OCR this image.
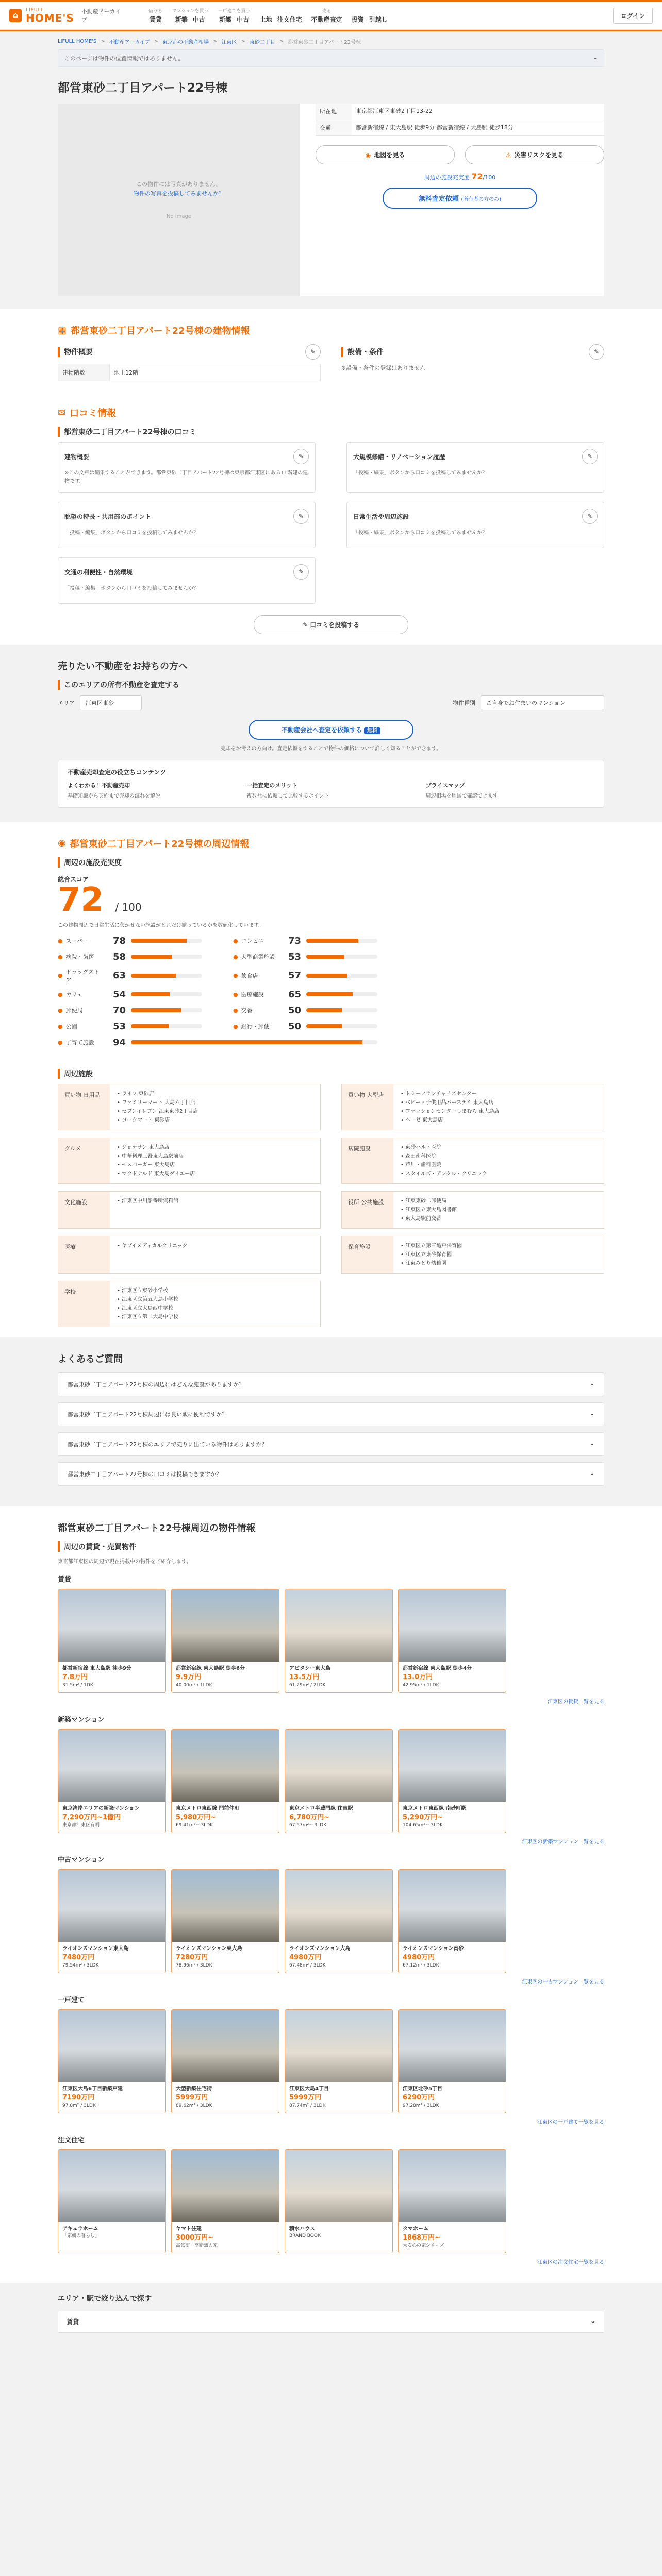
⌂
LIFULL
HOME'S 不動産アーカイブ
借りる
賃貸
マンションを買う
新築 中古
一戸建てを買う
新築 中古 土地 注文住宅
売る
不動産査定 投資 引越し
ログイン
LIFULL HOME'S > 不動産アーカイブ > 東京都の不動産相場 > 江東区 > 東砂二丁目 > 都営東砂二丁目アパート22号棟
このページは物件の位置情報ではありません。	⌄
都営東砂二丁目アパート22号棟
この物件には写真がありません。
物件の写真を投稿してみませんか？
No image
所在地	東京都江東区東砂2丁目13-22
交通	都営新宿線 / 東大島駅 徒歩9分 都営新宿線 / 大島駅 徒歩18分
◉ 地図を見る	⚠ 災害リスクを見る
周辺の施設充実度 72/100
無料査定依頼 (所有者の方のみ)
▦ 都営東砂二丁目アパート22号棟の建物情報
物件概要	✎
建物階数	地上12階
設備・条件	✎
※設備・条件の登録はありません
✉ 口コミ情報
都営東砂二丁目アパート22号棟の口コミ
建物概要	✎

※この文章は編集することができます。都営東砂二丁目アパート22号棟は東京都江東区にある11階建の建物です。

大規模修繕・リノベーション履歴	✎

「投稿・編集」ボタンから口コミを投稿してみませんか？

眺望の特長・共用部のポイント	✎

「投稿・編集」ボタンから口コミを投稿してみませんか？

日常生活や周辺施設	✎

「投稿・編集」ボタンから口コミを投稿してみませんか？

交通の利便性・自然環境	✎

「投稿・編集」ボタンから口コミを投稿してみませんか？

✎ 口コミを投稿する
売りたい不動産をお持ちの方へ
このエリアの所有不動産を査定する
エリア	江東区東砂	物件種別	ご自身でお住まいのマンション
不動産会社へ査定を依頼する 無料
売却をお考えの方向け。査定依頼をすることで物件の価格について詳しく知ることができます。
不動産売却査定の役立ちコンテンツ
よくわかる！不動産売却
基礎知識から契約まで売却の流れを解説
一括査定のメリット
複数社に依頼して比較するポイント
プライスマップ
周辺相場を地図で確認できます
◉ 都営東砂二丁目アパート22号棟の周辺情報
周辺の施設充実度
総合スコア
72 / 100
この建物周辺で日常生活に欠かせない施設がどれだけ揃っているかを数値化しています。
● スーパー	78	● コンビニ	73
● 病院・歯医	58	● 大型商業施設	53
●
ドラッグストア	63	● 飲食店	57
● カフェ	54	● 医療施設	65
● 郵便局	70	● 交番	50
● 公園	53	● 銀行・郵便	50
● 子育て施設	94
周辺施設
買い物 日用品	• ライフ 東砂店
• ファミリーマート 大島六丁目店
• セブンイレブン 江東東砂2丁目店
• ヨークマート 東砂店
買い物 大型店	• トミーフランチャイズセンター
• ベビー・子供用品バースデイ 東大島店
• ファッションセンターしまむら 東大島店
• ヘーゼ 東大島店
グルメ	• ジョナサン 東大島店
• 中華料理三吾東大島駅前店
• モスバーガー 東大島店
• マクドナルド 東大島ダイエー店
病院施設	• 東砂ハルト医院
• 森田歯科医院
• 芦川・歯科医院
• スタイルズ・デンタル・クリニック
文化施設	• 江東区中川船番所資料館	役所 公共施設	• 江東東砂二郵便局
• 江東区立東大島図書館
• 東大島駅前交番
医療	• ヤブイメディカルクリニック	保育施設	• 江東区立第三亀戸保育園
• 江東区立東砂保育園
• 江東みどり幼稚園
学校	• 江東区立東砂小学校
• 江東区立第五大島小学校
• 江東区立大島西中学校
• 江東区立第二大島中学校
よくあるご質問
都営東砂二丁目アパート22号棟の周辺にはどんな施設がありますか？	⌄
都営東砂二丁目アパート22号棟周辺には良い駅に便利ですか？	⌄
都営東砂二丁目アパート22号棟のエリアで売りに出ている物件はありますか？	⌄
都営東砂二丁目アパート22号棟の口コミは投稿できますか？	⌄
都営東砂二丁目アパート22号棟周辺の物件情報
周辺の賃貸・売買物件
東京都江東区の周辺で現在掲載中の物件をご紹介します。
賃貸
都営新宿線 東大島駅 徒歩9分
7.8万円
31.5m² / 1DK
都営新宿線 東大島駅 徒歩6分
9.9万円
40.00m² / 1LDK
アビタシー東大島
13.5万円
61.29m² / 2LDK
都営新宿線 東大島駅 徒歩4分
13.0万円
42.95m² / 1LDK
江東区の賃貸一覧を見る
新築マンション
東京湾岸エリアの新築マンション
7,290万円~1億円
東京都江東区有明
東京メトロ東西線 門前仲町
5,980万円~
69.41m²~ 3LDK
東京メトロ半蔵門線 住吉駅
6,780万円~
67.57m²~ 3LDK
東京メトロ東西線 南砂町駅
5,290万円~
104.65m²~ 3LDK
江東区の新築マンション一覧を見る
中古マンション
ライオンズマンション東大島
7480万円
79.54m² / 3LDK
ライオンズマンション東大島
7280万円
78.96m² / 3LDK
ライオンズマンション大島
4980万円
67.48m² / 3LDK
ライオンズマンション南砂
4980万円
67.12m² / 3LDK
江東区の中古マンション一覧を見る
一戸建て
江東区大島6丁目新築戸建
7190万円
97.8m² / 3LDK
大型新築住宅街
5999万円
89.62m² / 3LDK
江東区大島4丁目
5999万円
87.74m² / 3LDK
江東区北砂5丁目
6290万円
97.28m² / 3LDK
江東区の一戸建て一覧を見る
注文住宅
アキュラホーム
「家族の暮らし」
ヤマト住建
3000万円~
高気密・高断熱の家
積水ハウス
BRAND BOOK
タマホーム
1868万円~
大安心の家シリーズ
江東区の注文住宅一覧を見る
エリア・駅で絞り込んで探す
賃貸	⌄
